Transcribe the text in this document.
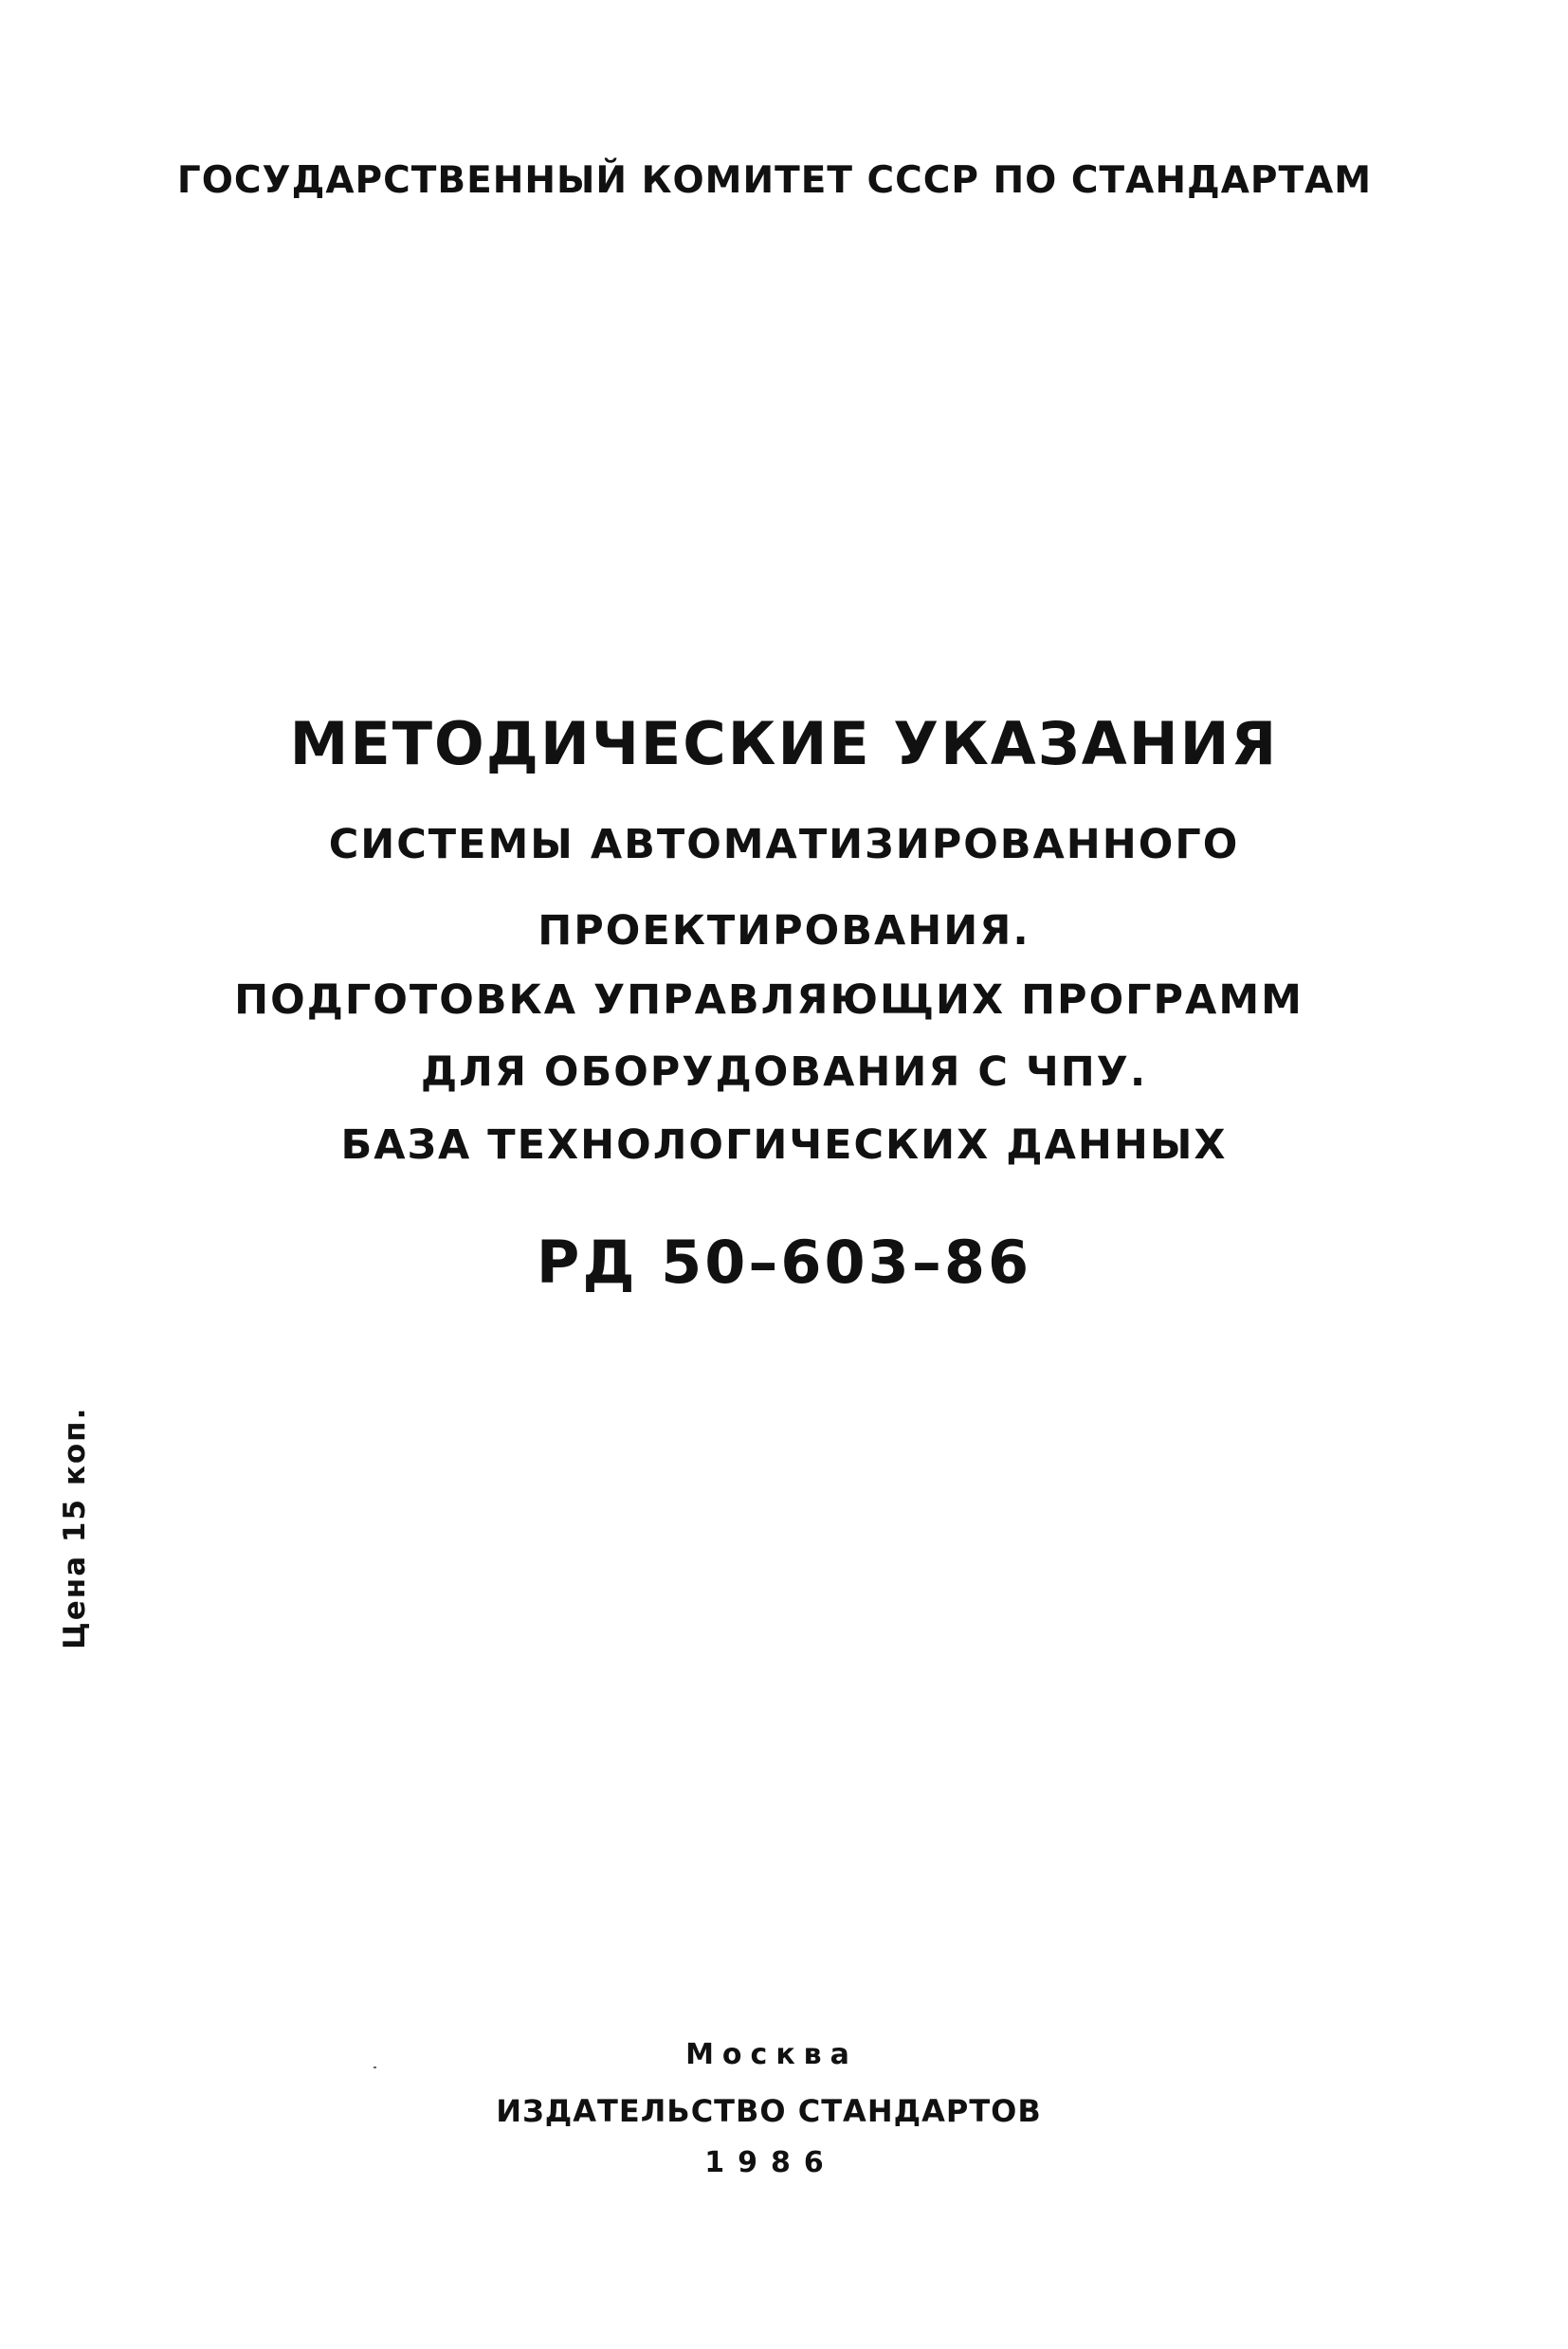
ГОСУДАРСТВЕННЫЙ КОМИТЕТ СССР ПО СТАНДАРТАМ
МЕТОДИЧЕСКИЕ УКАЗАНИЯ
СИСТЕМЫ АВТОМАТИЗИРОВАННОГО
ПРОЕКТИРОВАНИЯ.
ПОДГОТОВКА УПРАВЛЯЮЩИХ ПРОГРАММ
ДЛЯ ОБОРУДОВАНИЯ С ЧПУ.
БАЗА ТЕХНОЛОГИЧЕСКИХ ДАННЫХ
РД 50–603–86
Цена 15 коп.
Москва
ИЗДАТЕЛЬСТВО СТАНДАРТОВ
1986
